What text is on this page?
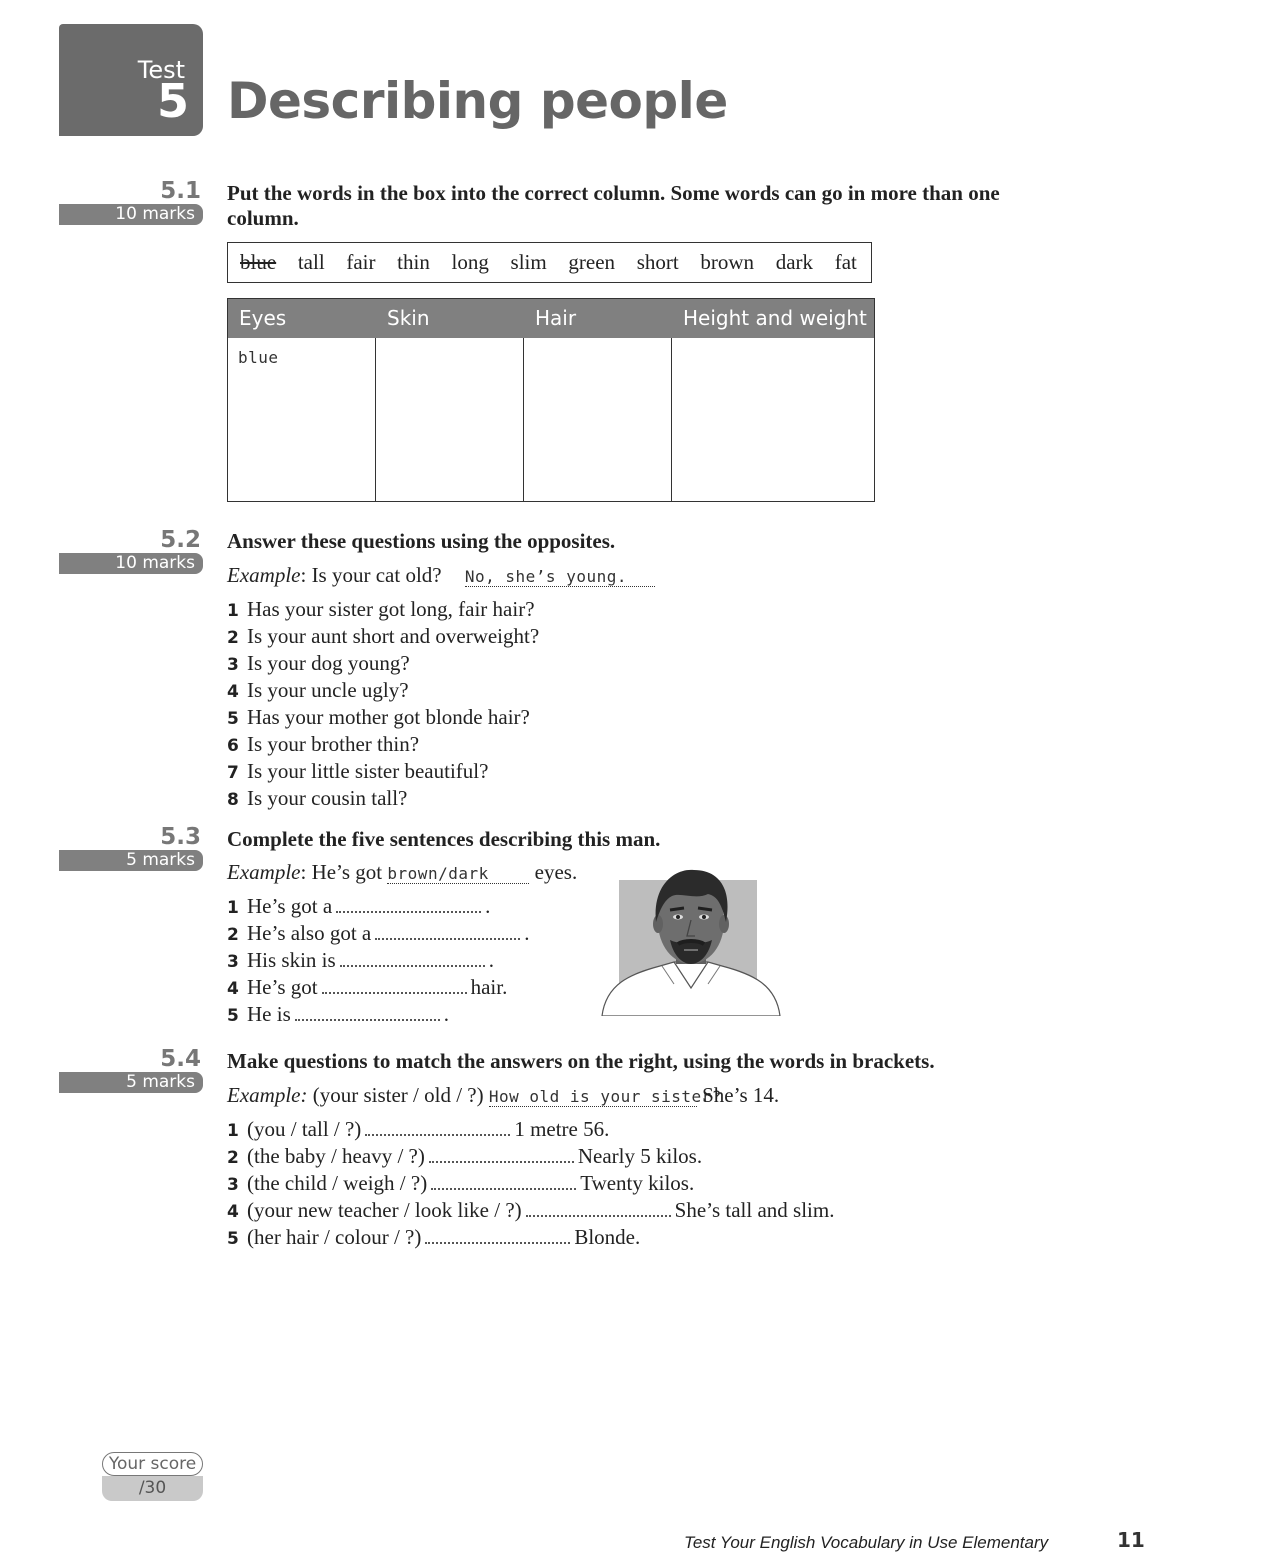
Test
5 Describing people
5.1
10 marks
Put the words in the box into the correct column. Some words can go in more than one column.
blue tall fair thin long slim green short brown dark fat
Eyes	Skin	Hair	Height and weight
blue
5.2
10 marks
Answer these questions using the opposites.
Example: Is your cat old? No, she’s young.
1 Has your sister got long, fair hair?
2 Is your aunt short and overweight?
3 Is your dog young?
4 Is your uncle ugly?
5 Has your mother got blonde hair?
6 Is your brother thin?
7 Is your little sister beautiful?
8 Is your cousin tall?
5.3
5 marks
Complete the five sentences describing this man.
Example: He’s got brown/dark eyes.
1 He’s got a	.
2 He’s also got a	.
3 His skin is	.
4 He’s got	hair.
5 He is	.
5.4
5 marks
Make questions to match the answers on the right, using the words in brackets.
Example: (your sister / old / ?) How old is your sister? She’s 14.
1 (you / tall / ?)	1 metre 56.
2 (the baby / heavy / ?)	Nearly 5 kilos.
3 (the child / weigh / ?)	Twenty kilos.
4 (your new teacher / look like / ?)	She’s tall and slim.
5 (her hair / colour / ?)	Blonde.
Your score
/30
Test Your English Vocabulary in Use Elementary	11
